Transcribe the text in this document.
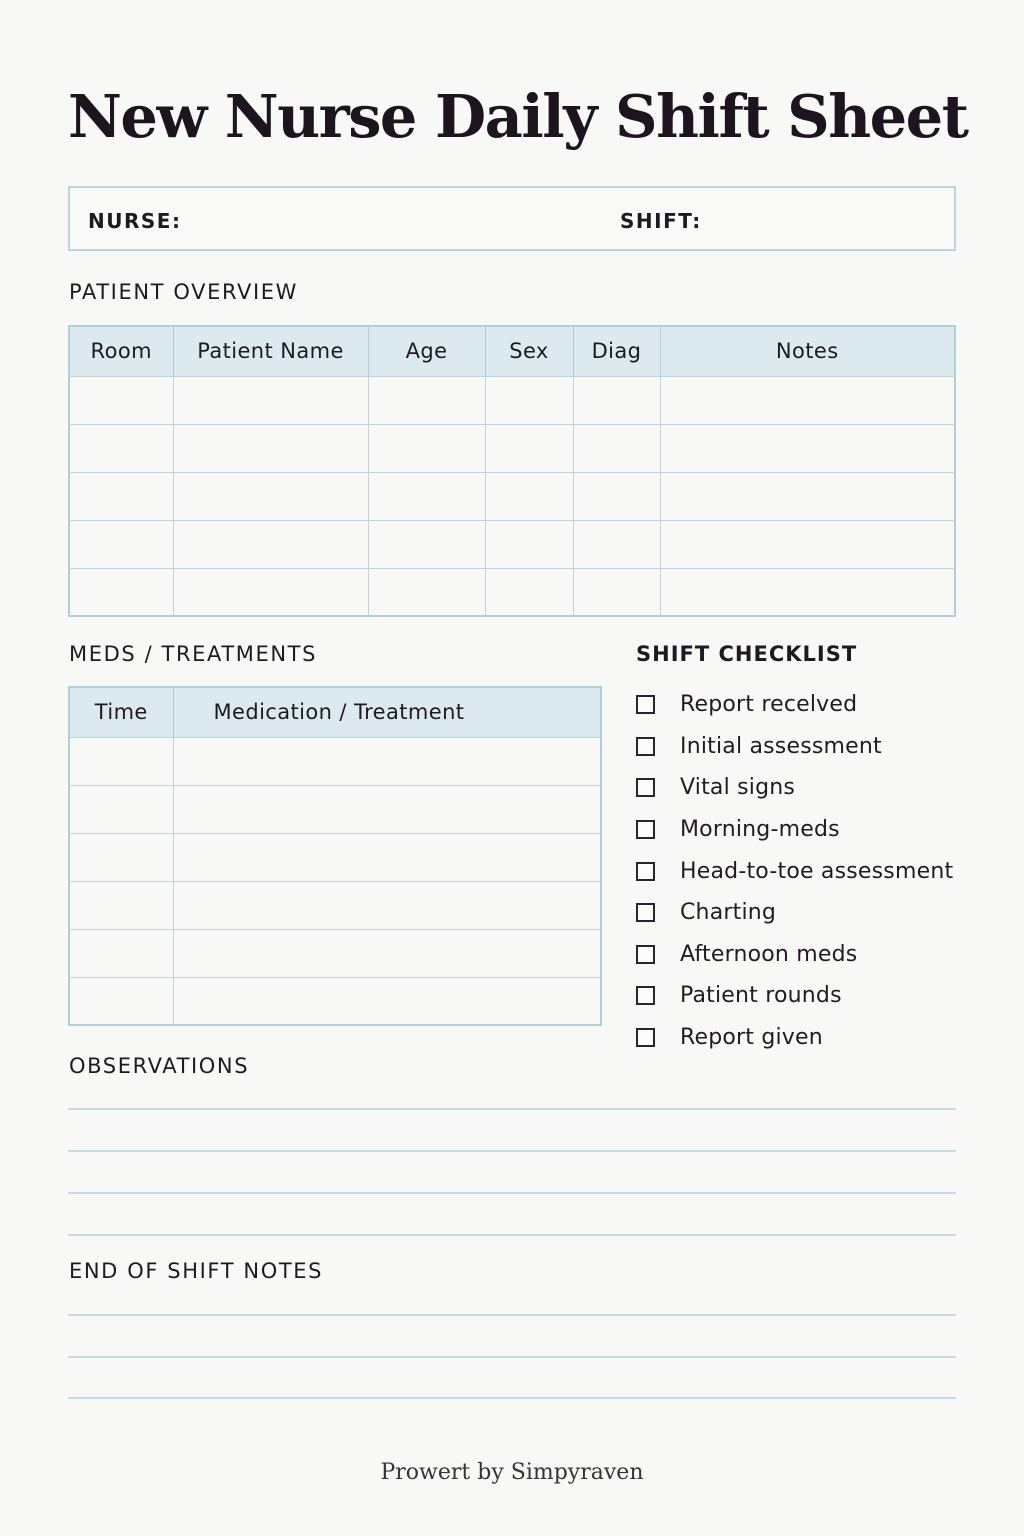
New Nurse Daily Shift Sheet
NURSE:	SHIFT:
PATIENT OVERVIEW
Room	Patient Name	Age	Sex	Diag	Notes

MEDS / TREATMENTS
Time	Medication / Treatment

SHIFT CHECKLIST
Report recelved
Initial assessment
Vital signs
Morning-meds
Head-to-toe assessment
Charting
Afternoon meds
Patient rounds
Report given
OBSERVATIONS
END OF SHIFT NOTES
Prowert by Simpyraven
